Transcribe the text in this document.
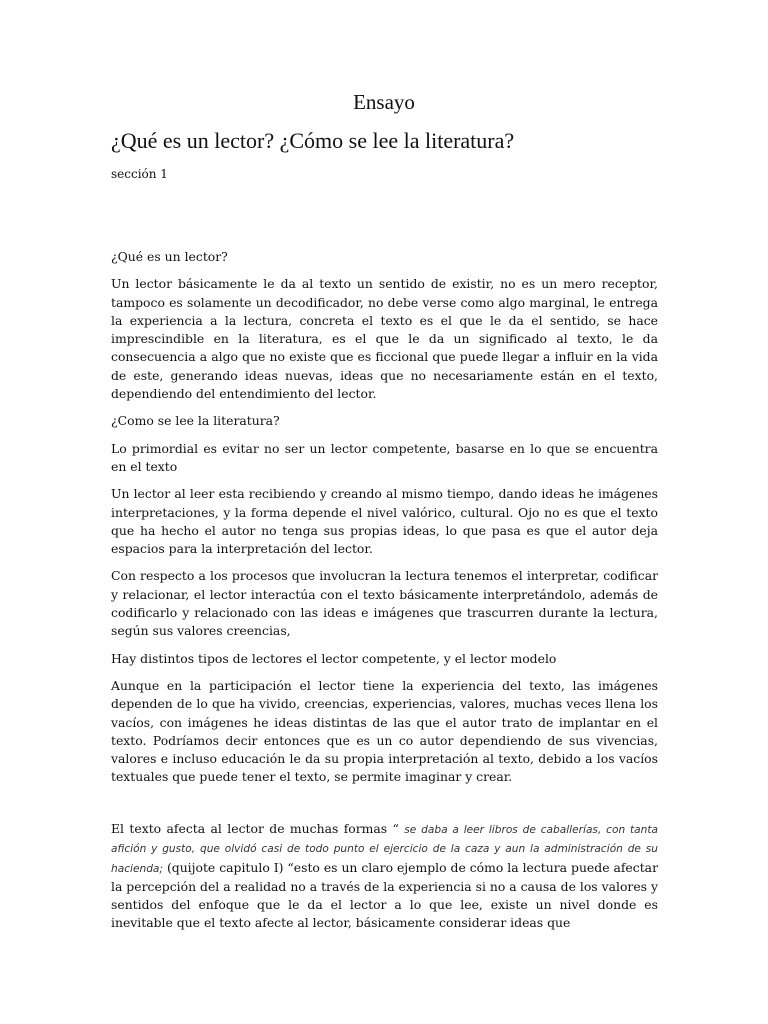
Ensayo
¿Qué es un lector? ¿Cómo se lee la literatura?

sección 1

¿Qué es un lector?

Un lector básicamente le da al texto un sentido de existir, no es un mero receptor, tampoco es solamente un decodificador, no debe verse como algo marginal, le entrega la experiencia a la lectura, concreta el texto es el que le da el sentido, se hace imprescindible en la literatura, es el que le da un significado al texto, le da consecuencia a algo que no existe que es ficcional que puede llegar a influir en la vida de este, generando ideas nuevas, ideas que no necesariamente están en el texto, dependiendo del entendimiento del lector.

¿Como se lee la literatura?

Lo primordial es evitar no ser un lector competente, basarse en lo que se encuentra en el texto

Un lector al leer esta recibiendo y creando al mismo tiempo, dando ideas he imágenes interpretaciones, y la forma depende el nivel valórico, cultural. Ojo no es que el texto que ha hecho el autor no tenga sus propias ideas, lo que pasa es que el autor deja espacios para la interpretación del lector.

Con respecto a los procesos que involucran la lectura tenemos el interpretar, codificar y relacionar, el lector interactúa con el texto básicamente interpretándolo, además de codificarlo y relacionado con las ideas e imágenes que trascurren durante la lectura, según sus valores creencias,

Hay distintos tipos de lectores el lector competente, y el lector modelo

Aunque en la participación el lector tiene la experiencia del texto, las imágenes dependen de lo que ha vivido, creencias, experiencias, valores, muchas veces llena los vacíos, con imágenes he ideas distintas de las que el autor trato de implantar en el texto. Podríamos decir entonces que es un co autor dependiendo de sus vivencias, valores e incluso educación le da su propia interpretación al texto, debido a los vacíos textuales que puede tener el texto, se permite imaginar y crear.

El texto afecta al lector de muchas formas “ se daba a leer libros de caballerías, con tanta afición y gusto, que olvidó casi de todo punto el ejercicio de la caza y aun la administración de su hacienda; (quijote capitulo I) “esto es un claro ejemplo de cómo la lectura puede afectar la percepción del a realidad no a través de la experiencia si no a causa de los valores y sentidos del enfoque que le da el lector a lo que lee, existe un nivel donde es inevitable que el texto afecte al lector, básicamente considerar ideas que
